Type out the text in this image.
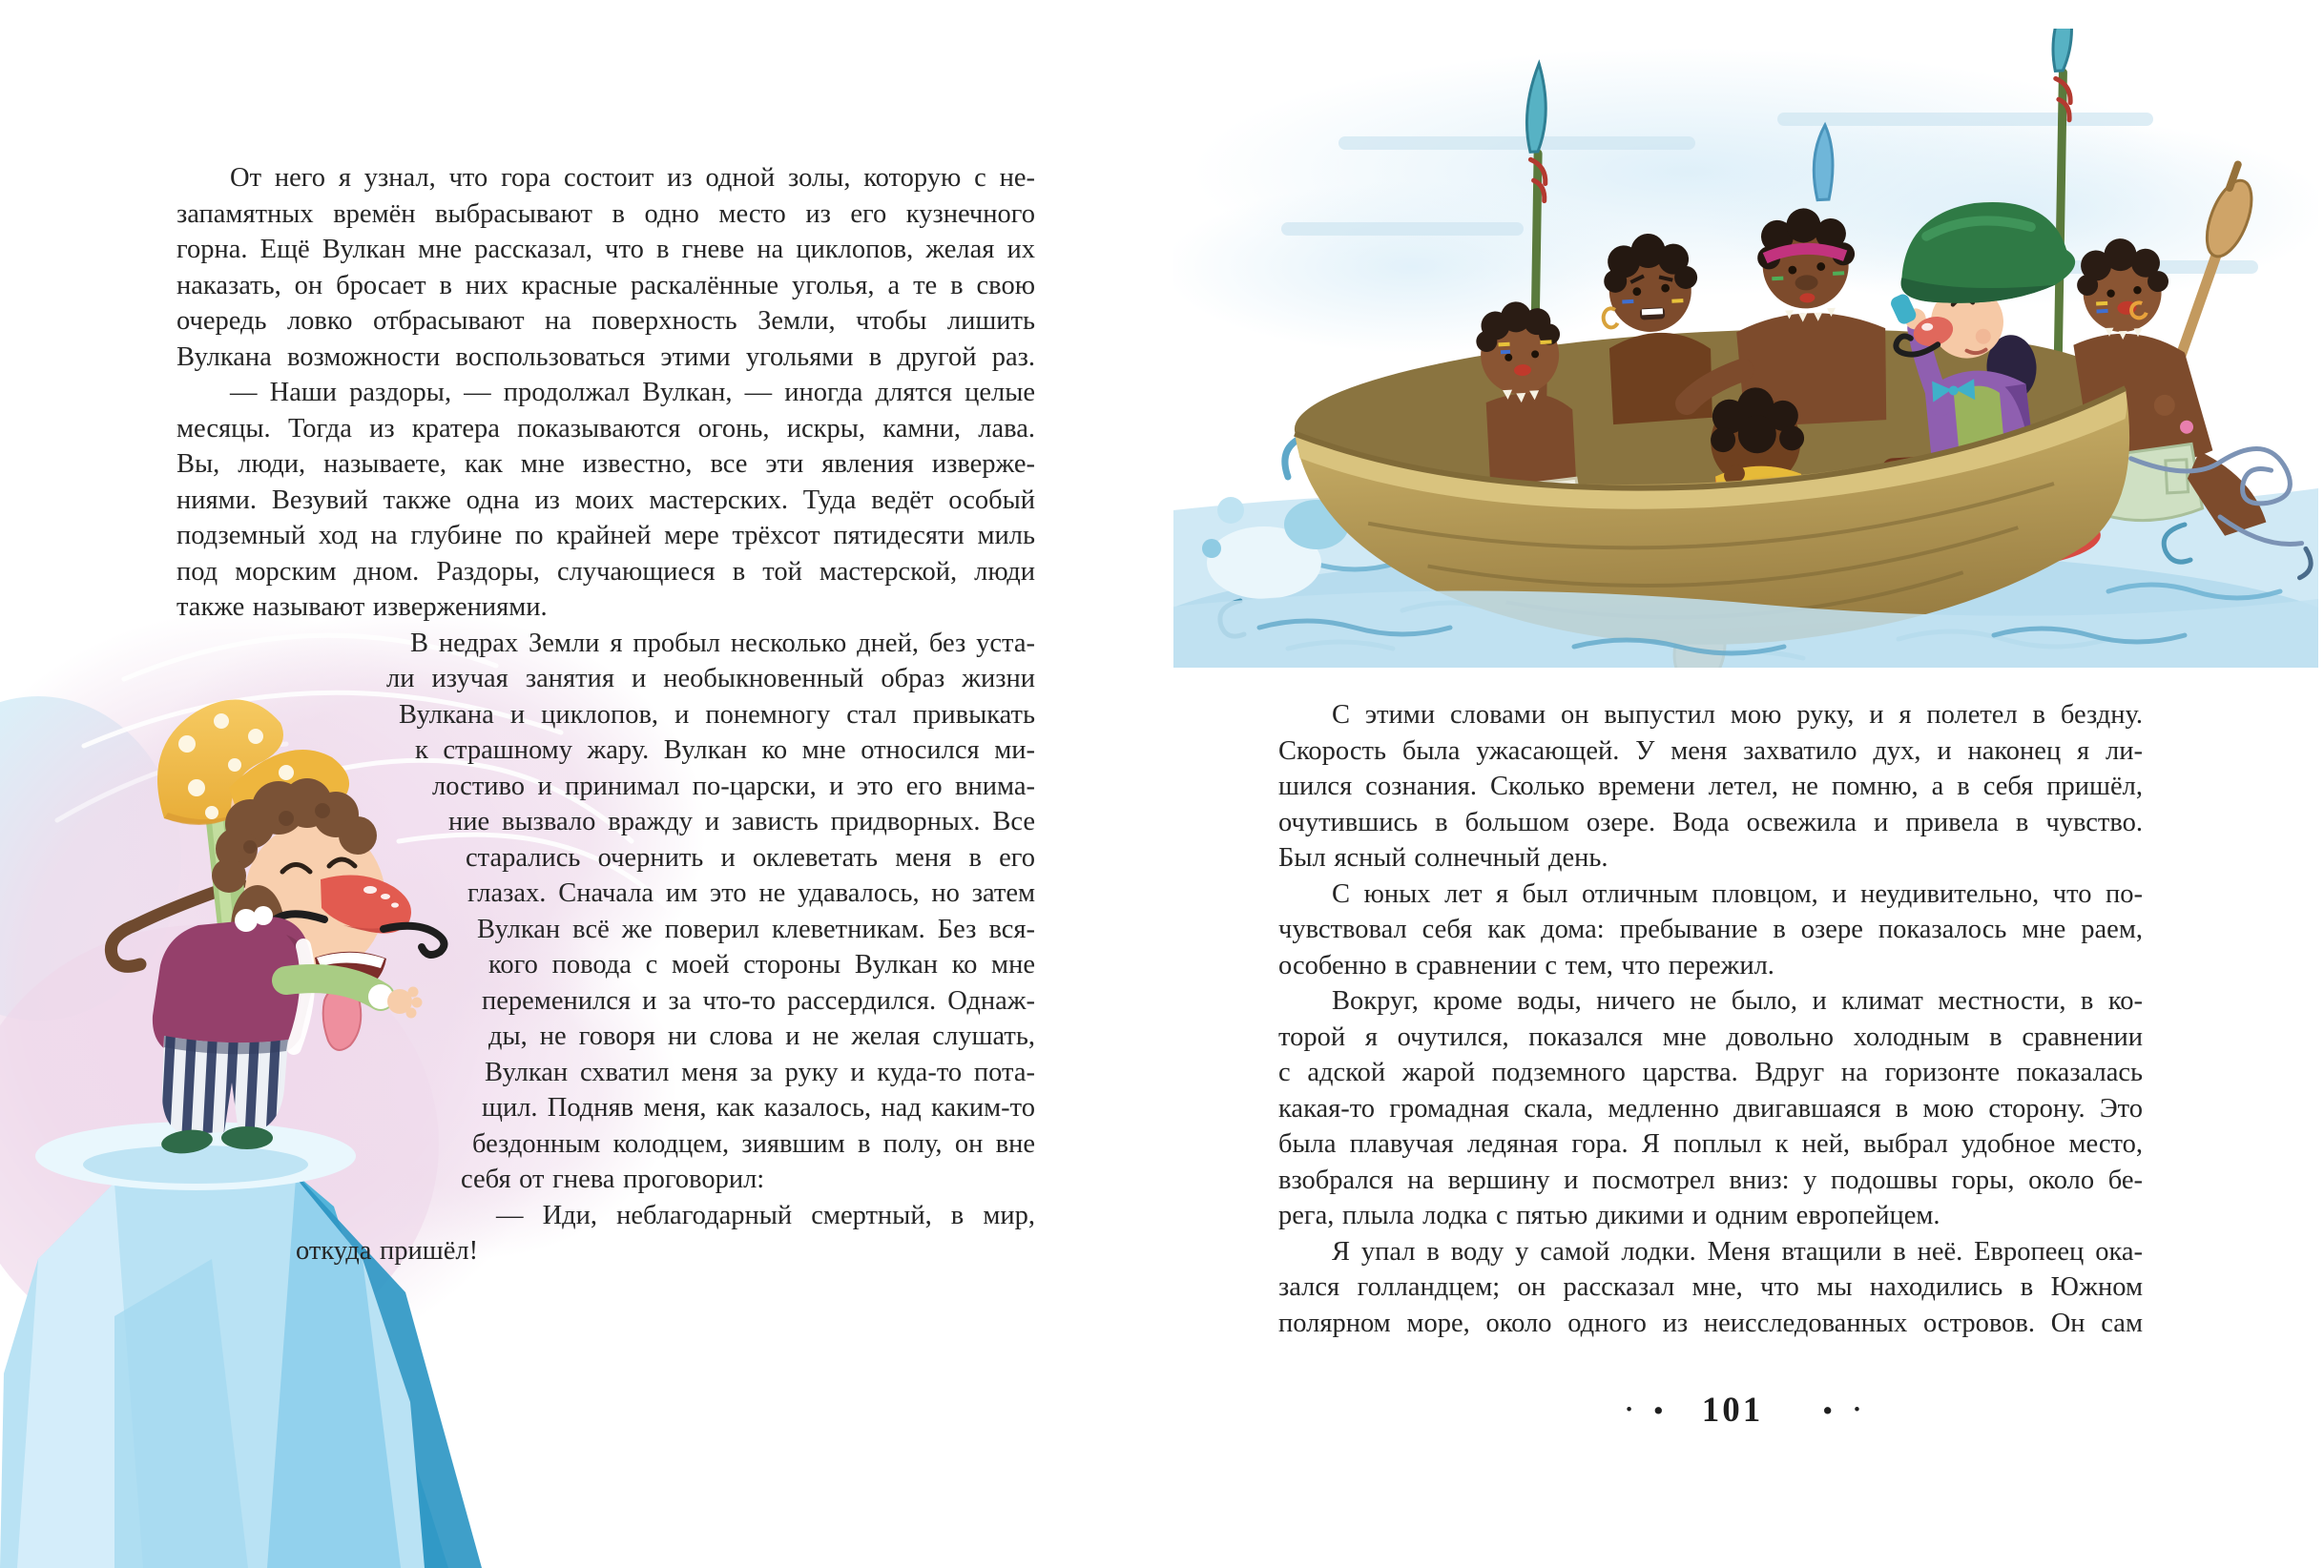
От него я узнал, что гора состоит из одной золы, которую с не-
запамятных времён выбрасывают в одно место из его кузнечного
горна. Ещё Вулкан мне рассказал, что в гневе на циклопов, желая их
наказать, он бросает в них красные раскалённые уголья, а те в свою
очередь ловко отбрасывают на поверхность Земли, чтобы лишить
Вулкана возможности воспользоваться этими угольями в другой раз.
— Наши раздоры, — продолжал Вулкан, — иногда длятся целые
месяцы. Тогда из кратера показываются огонь, искры, камни, лава.
Вы, люди, называете, как мне известно, все эти явления изверже-
ниями. Везувий также одна из моих мастерских. Туда ведёт особый
подземный ход на глубине по крайней мере трёхсот пятидесяти миль
под морским дном. Раздоры, случающиеся в той мастерской, люди
также называют извержениями.
В недрах Земли я пробыл несколько дней, без уста-
ли изучая занятия и необыкновенный образ жизни
Вулкана и циклопов, и понемногу стал привыкать
к страшному жару. Вулкан ко мне относился ми-
лостиво и принимал по-царски, и это его внима-
ние вызвало вражду и зависть придворных. Все
старались очернить и оклеветать меня в его
глазах. Сначала им это не удавалось, но затем
Вулкан всё же поверил клеветникам. Без вся-
кого повода с моей стороны Вулкан ко мне
переменился и за что-то рассердился. Однаж-
ды, не говоря ни слова и не желая слушать,
Вулкан схватил меня за руку и куда-то пота-
щил. Подняв меня, как казалось, над каким-то
бездонным колодцем, зиявшим в полу, он вне
себя от гнева проговорил:
— Иди, неблагодарный смертный, в мир,
откуда пришёл!
С этими словами он выпустил мою руку, и я полетел в бездну.
Скорость была ужасающей. У меня захватило дух, и наконец я ли-
шился сознания. Сколько времени летел, не помню, а в себя пришёл,
очутившись в большом озере. Вода освежила и привела в чувство.
Был ясный солнечный день.
С юных лет я был отличным пловцом, и неудивительно, что по-
чувствовал себя как дома: пребывание в озере показалось мне раем,
особенно в сравнении с тем, что пережил.
Вокруг, кроме воды, ничего не было, и климат местности, в ко-
торой я очутился, показался мне довольно холодным в сравнении
с адской жарой подземного царства. Вдруг на горизонте показалась
какая-то громадная скала, медленно двигавшаяся в мою сторону. Это
была плавучая ледяная гора. Я поплыл к ней, выбрал удобное место,
взобрался на вершину и посмотрел вниз: у подошвы горы, около бе-
рега, плыла лодка с пятью дикими и одним европейцем.
Я упал в воду у самой лодки. Меня втащили в неё. Европеец ока-
зался голландцем; он рассказал мне, что мы находились в Южном
полярном море, около одного из неисследованных островов. Он сам
• • 101 • •
